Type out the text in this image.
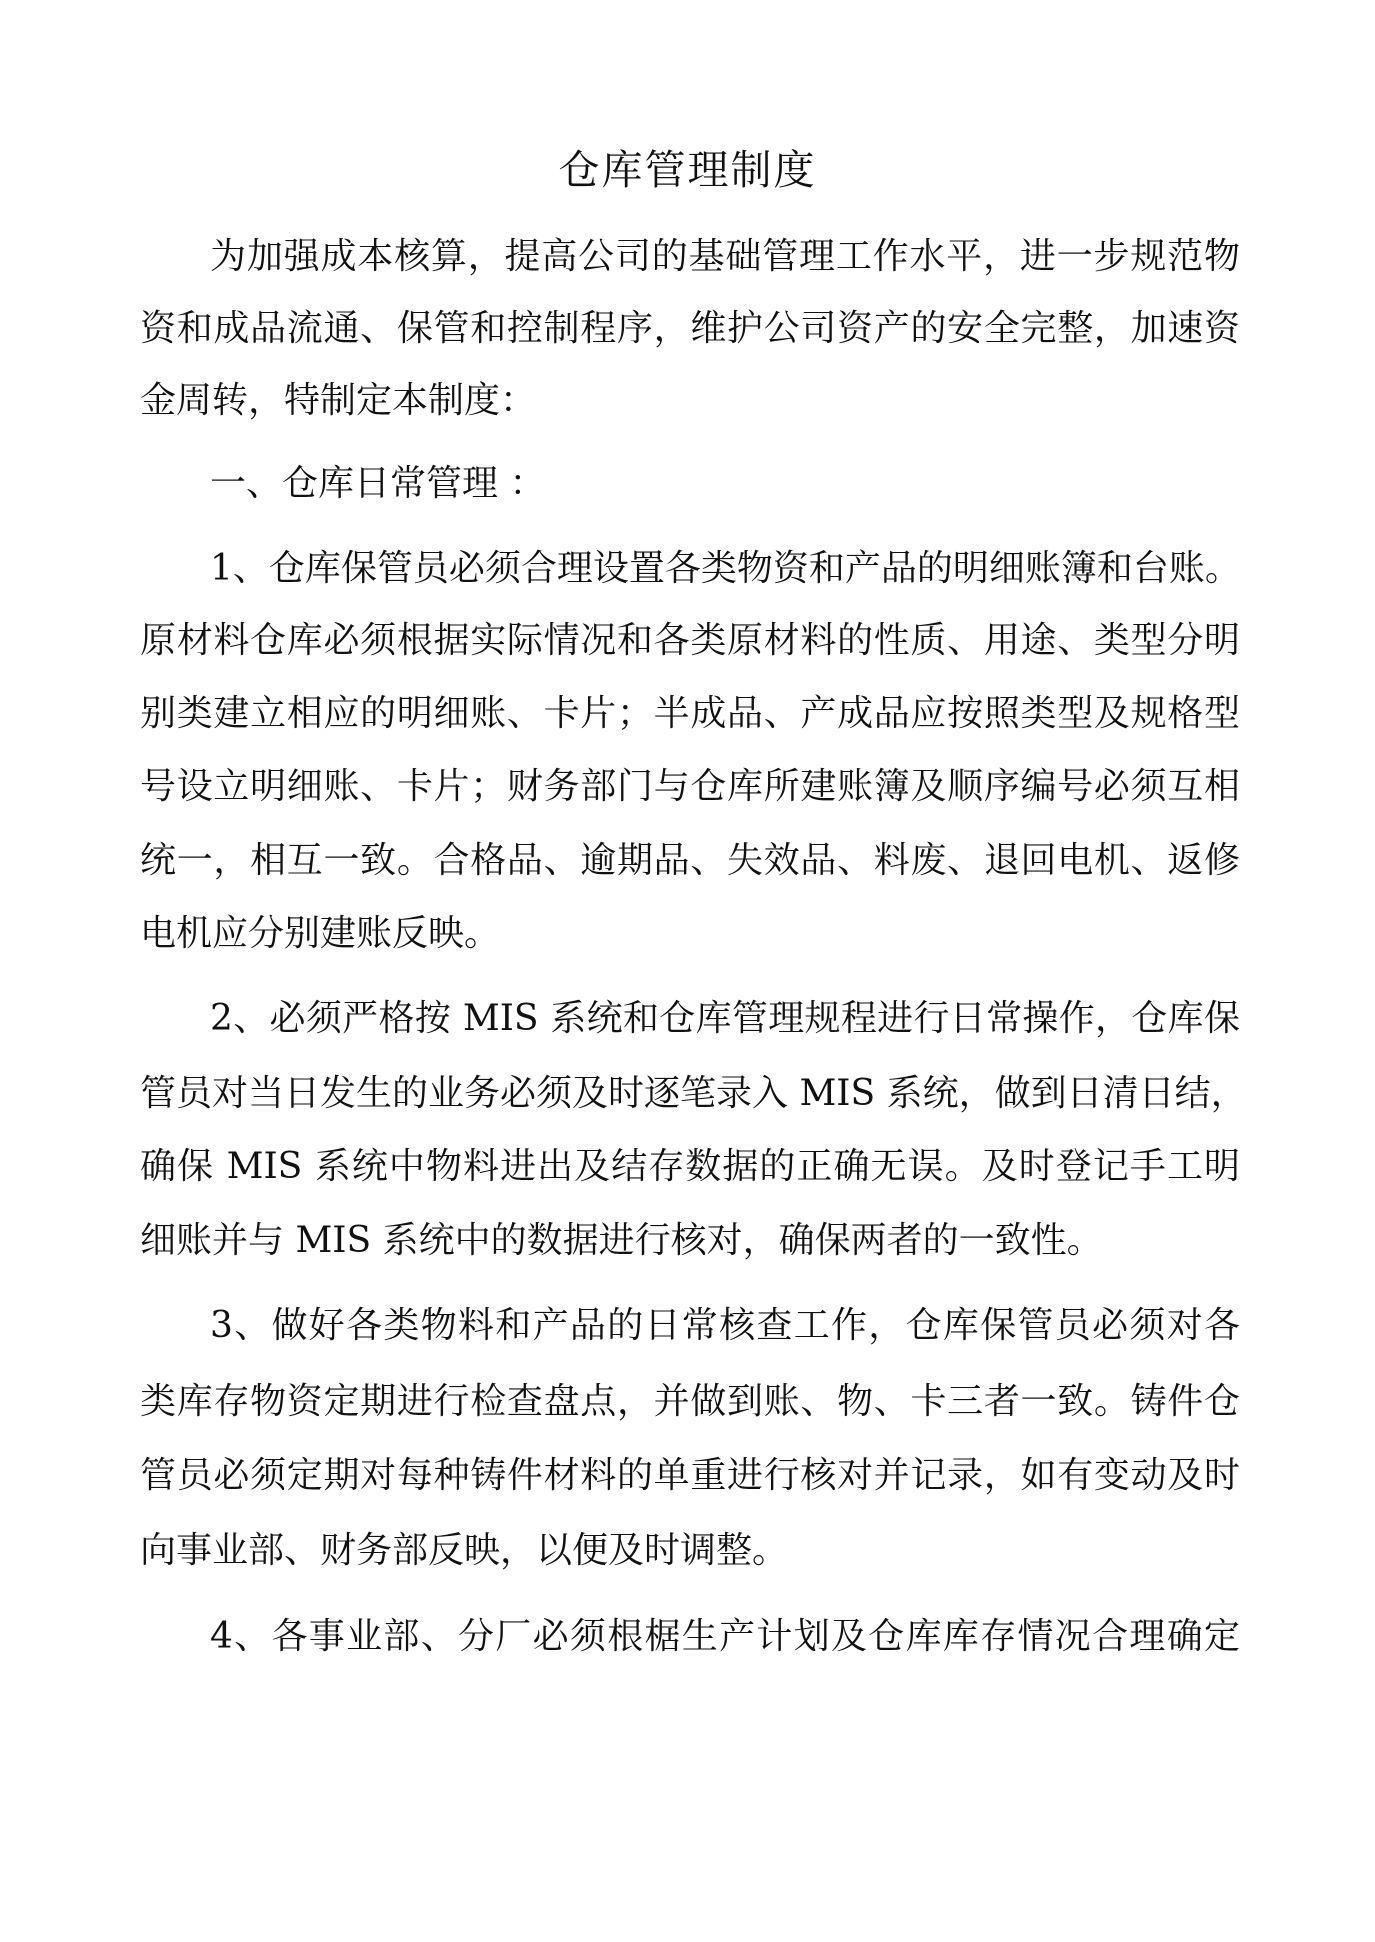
仓库管理制度

为加强成本核算，提高公司的基础管理工作水平，进一步规范物

资和成品流通、保管和控制程序，维护公司资产的安全完整，加速资

金周转，特制定本制度：

一、仓库日常管理 ：

1、仓库保管员必须合理设置各类物资和产品的明细账簿和台账。

原材料仓库必须根据实际情况和各类原材料的性质、用途、类型分明

别类建立相应的明细账、卡片；半成品、产成品应按照类型及规格型

号设立明细账、卡片；财务部门与仓库所建账簿及顺序编号必须互相

统一，相互一致。合格品、逾期品、失效品、料废、退回电机、返修

电机应分别建账反映。

2、必须严格按 MIS 系统和仓库管理规程进行日常操作，仓库保

管员对当日发生的业务必须及时逐笔录入 MIS 系统，做到日清日结，

确保 MIS 系统中物料进出及结存数据的正确无误。及时登记手工明

细账并与 MIS 系统中的数据进行核对，确保两者的一致性。

3、做好各类物料和产品的日常核查工作，仓库保管员必须对各

类库存物资定期进行检查盘点，并做到账、物、卡三者一致。铸件仓

管员必须定期对每种铸件材料的单重进行核对并记录，如有变动及时

向事业部、财务部反映，以便及时调整。

4、各事业部、分厂必须根椐生产计划及仓库库存情况合理确定
